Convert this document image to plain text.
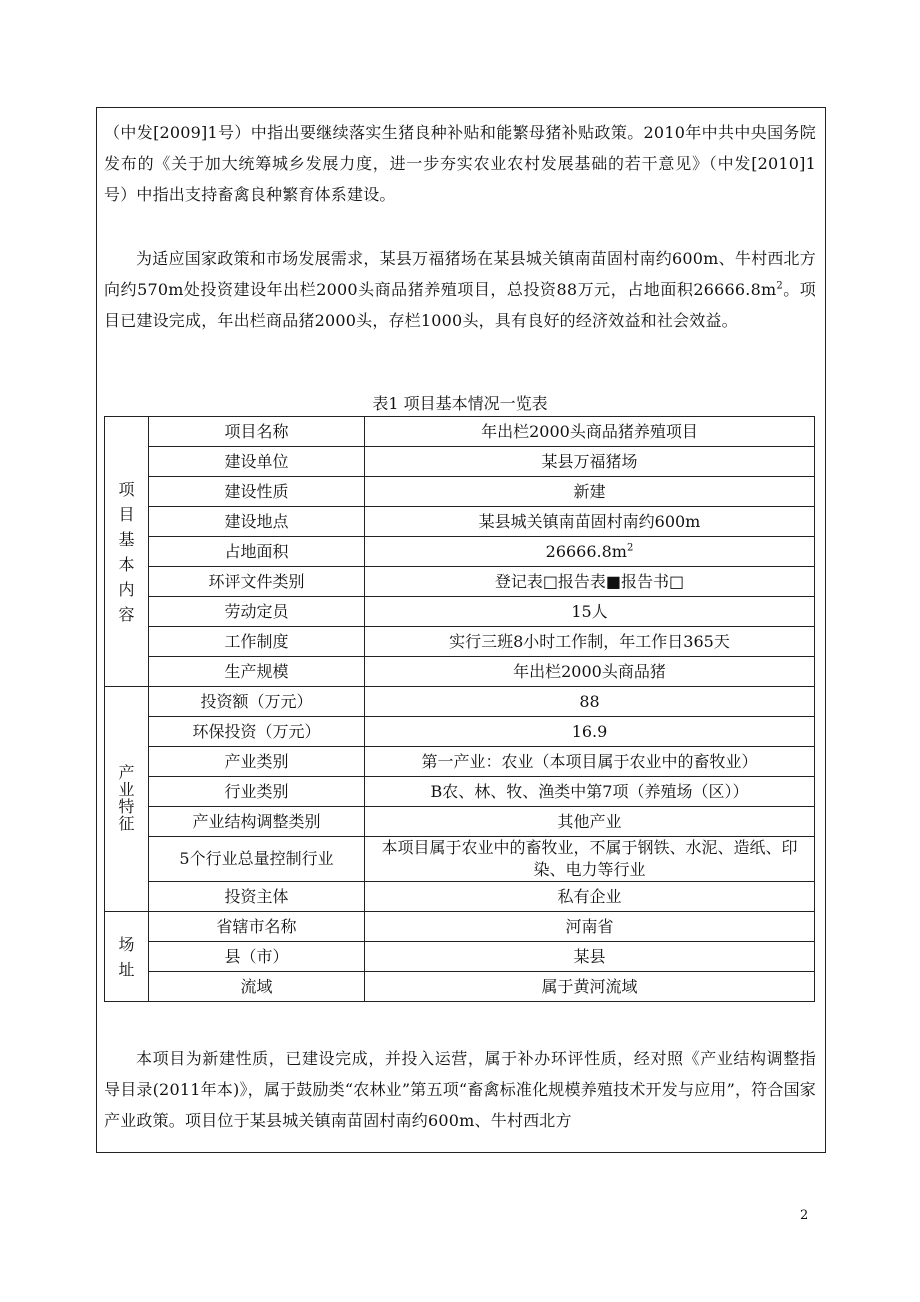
（中发[2009]1号）中指出要继续落实生猪良种补贴和能繁母猪补贴政策。2010年中共中央国务院发布的《关于加大统筹城乡发展力度，进一步夯实农业农村发展基础的若干意见》（中发[2010]1号）中指出支持畜禽良种繁育体系建设。

为适应国家政策和市场发展需求，某县万福猪场在某县城关镇南苗固村南约600m、牛村西北方向约570m处投资建设年出栏2000头商品猪养殖项目，总投资88万元，占地面积$26666.8m^2$。项目已建设完成，年出栏商品猪2000头，存栏1000头，具有良好的经济效益和社会效益。

表1 项目基本情况一览表
项目基本内容	项目名称	年出栏2000头商品猪养殖项目
	建设单位	某县万福猪场
	建设性质	新建
	建设地点	某县城关镇南苗固村南约600m
	占地面积	$26666.8m^2$
	环评文件类别	登记表□报告表■报告书□
	劳动定员	15人
	工作制度	实行三班8小时工作制，年工作日365天
	生产规模	年出栏2000头商品猪
产业特征	投资额（万元）	88
	环保投资（万元）	16.9
	产业类别	第一产业：农业（本项目属于农业中的畜牧业）
	行业类别	B农、林、牧、渔类中第7项（养殖场（区））
	产业结构调整类别	其他产业
	5个行业总量控制行业	本项目属于农业中的畜牧业，不属于钢铁、水泥、造纸、印染、电力等行业
	投资主体	私有企业
场址	省辖市名称	河南省
	县（市）	某县
	流域	属于黄河流域

本项目为新建性质，已建设完成，并投入运营，属于补办环评性质，经对照《产业结构调整指导目录(2011年本)》，属于鼓励类“农林业”第五项“畜禽标准化规模养殖技术开发与应用”，符合国家产业政策。项目位于某县城关镇南苗固村南约600m、牛村西北方

2
